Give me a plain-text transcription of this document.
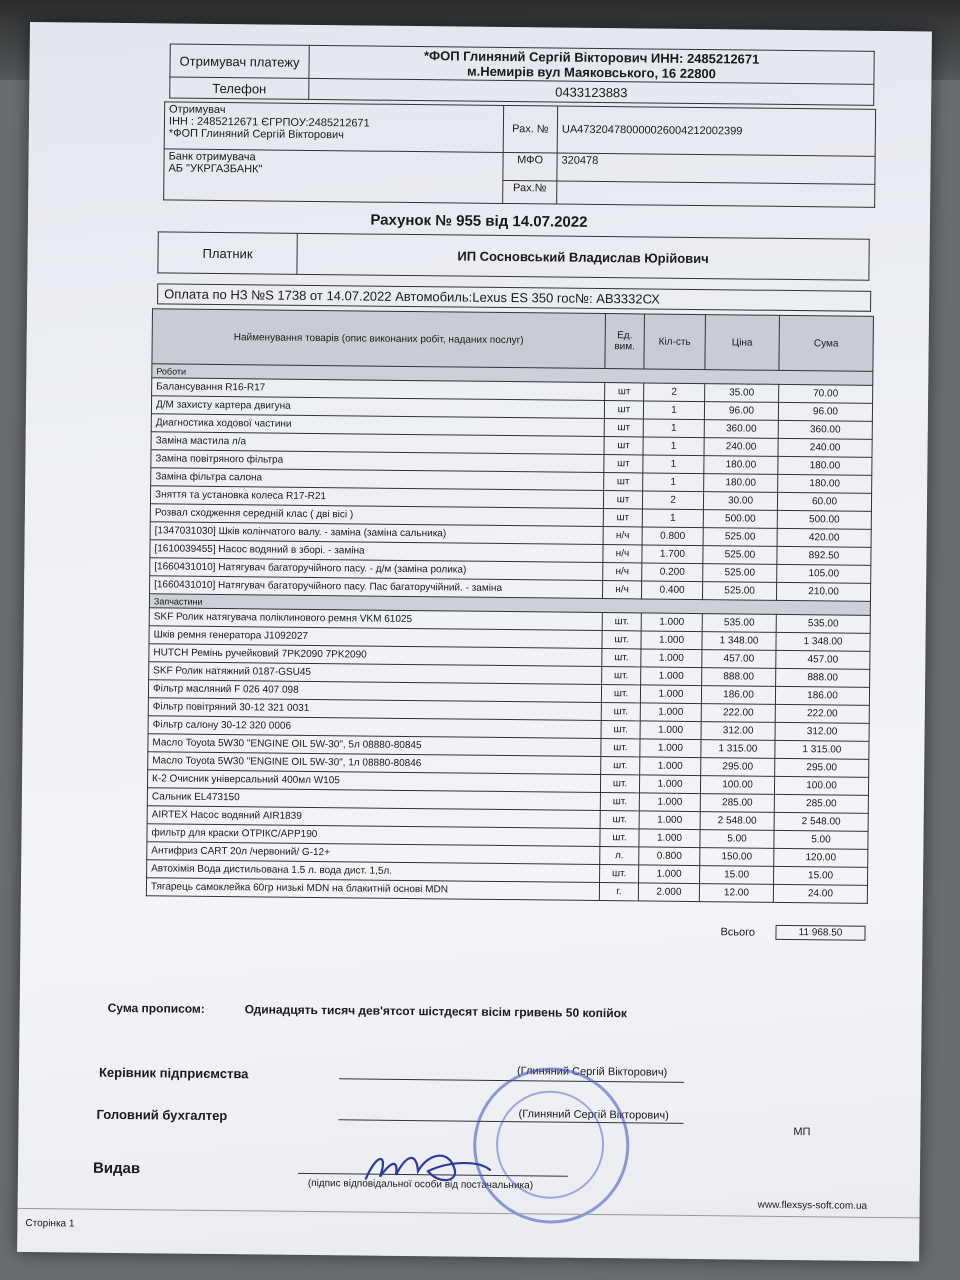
Отримувач платежу	*ФОП Глиняний Сергій Вікторович ИНН: 2485212671
м.Немирів вул Маяковського, 16 22800

Телефон	0433123883
Отримувач
ІНН : 2485212671 ЄГРПОУ:2485212671
*ФОП Глиняний Сергій Вікторович	Рах. №	UA473204780000026004212002399

Банк отримувача
АБ "УКРГАЗБАНК"	МФО	320478
	Рах.№	
Рахунок № 955 від 14.07.2022
Платник	ИП Сосновський Владислав Юрійович
Оплата по НЗ №S 1738 от 14.07.2022 Автомобиль:Lexus ES 350 гос№: АВ3332СХ
Найменування товарів (опис виконаних робіт, наданих послуг)	Ед. вим.	Кіл-сть	Ціна	Сума
Роботи				
Балансування R16-R17	шт	2	35.00	70.00
Д/М захисту картера двигуна	шт	1	96.00	96.00
Диагностика ходової частини	шт	1	360.00	360.00
Заміна мастила л/а	шт	1	240.00	240.00
Заміна повітряного фільтра	шт	1	180.00	180.00
Заміна фільтра салона	шт	1	180.00	180.00
Зняття та установка колеса R17-R21	шт	2	30.00	60.00
Розвал сходження середній клас ( дві вісі )	шт	1	500.00	500.00
[1347031030] Шків колінчатого валу. - заміна (заміна сальника)	н/ч	0.800	525.00	420.00
[1610039455] Насос водяний в зборі. - заміна	н/ч	1.700	525.00	892.50
[1660431010] Натягувач багаторучійного пасу. - д/м (заміна ролика)	н/ч	0.200	525.00	105.00
[1660431010] Натягувач багаторучійного пасу. Пас багаторучійний. - заміна	н/ч	0.400	525.00	210.00
Запчастини				
SKF Ролик натягувача поліклинового ремня VKM 61025	шт.	1.000	535.00	535.00
Шків ремня генератора J1092027	шт.	1.000	1 348.00	1 348.00
HUTCH Ремінь ручейковий 7PK2090 7PK2090	шт.	1.000	457.00	457.00
SKF Ролик натяжний 0187-GSU45	шт.	1.000	888.00	888.00
Фільтр масляний F 026 407 098	шт.	1.000	186.00	186.00
Фільтр повітряний 30-12 321 0031	шт.	1.000	222.00	222.00
Фільтр салону 30-12 320 0006	шт.	1.000	312.00	312.00
Масло Toyota 5W30 "ENGINE OIL 5W-30", 5л 08880-80845	шт.	1.000	1 315.00	1 315.00
Масло Toyota 5W30 "ENGINE OIL 5W-30", 1л 08880-80846	шт.	1.000	295.00	295.00
К-2 Очисник універсальний 400мл W105	шт.	1.000	100.00	100.00
Сальник EL473150	шт.	1.000	285.00	285.00
AIRTEX Насос водяний AIR1839	шт.	1.000	2 548.00	2 548.00
фильтр для краски ОТРІКС/APP190	шт.	1.000	5.00	5.00
Антифриз CART 20л /червоний/ G-12+	л.	0.800	150.00	120.00
Автохімія Вода дистильована 1.5 л. вода дист. 1,5л.	шт.	1.000	15.00	15.00
Тягарець самоклейка 60гр низькі MDN на блакитній основі MDN	г.	2.000	12.00	24.00
Всього	11 968.50
Сума прописом:	Одинадцять тисяч дев'ятсот шістдесят вісім гривень 50 копійок
Керівник підприємства	(Глиняний Сергій Вікторович)
Головний бухгалтер	(Глиняний Сергій Вікторович)
МП
Видав
(підпис відповідальної особи від постачальника)
Сторінка 1
www.flexsys-soft.com.ua
